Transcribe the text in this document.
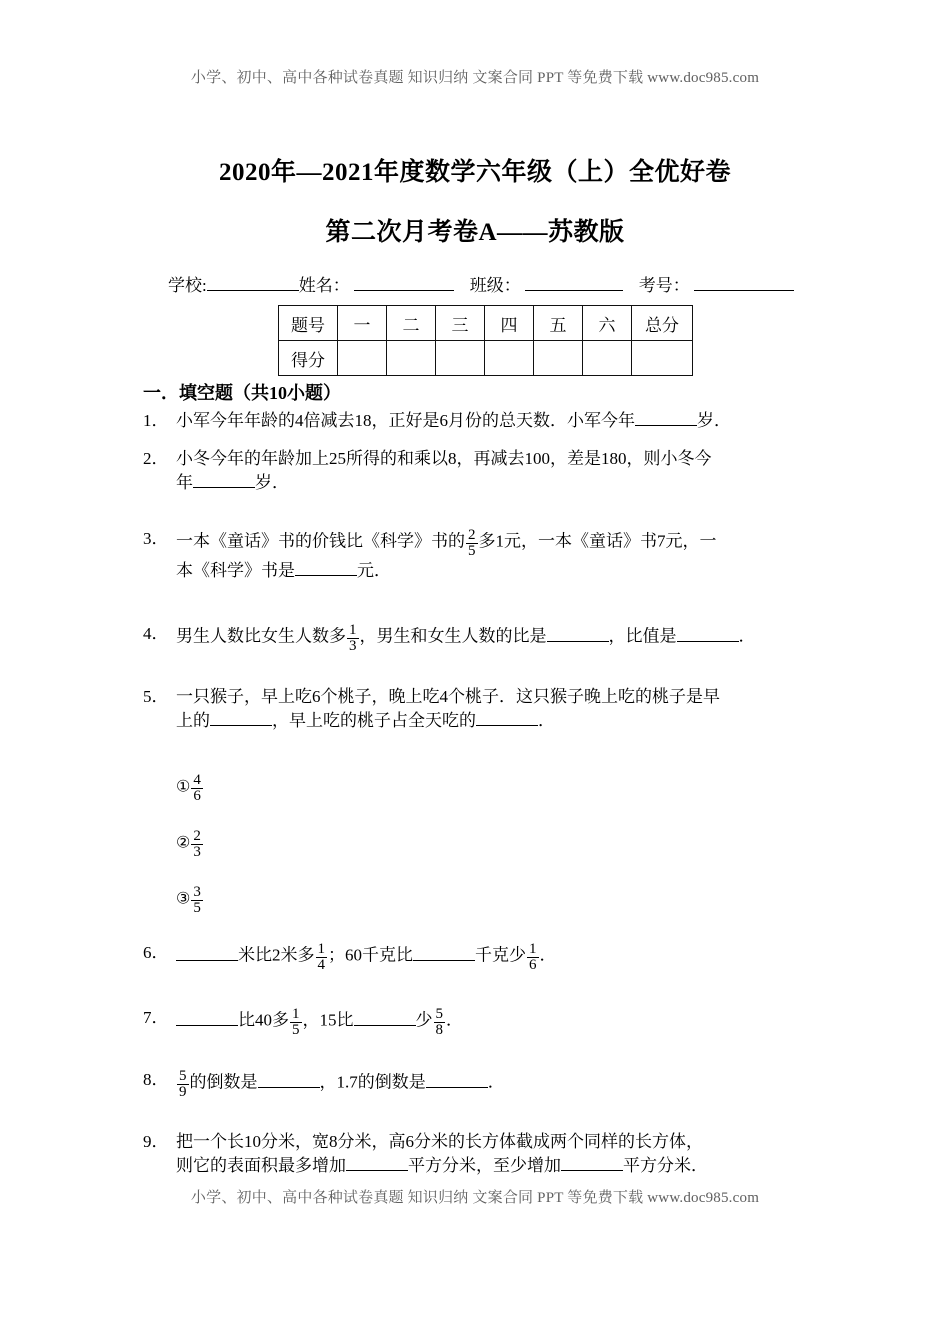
小学、初中、高中各种试卷真题 知识归纳 文案合同 PPT 等免费下载 www.doc985.com
2020年—2021年度数学六年级（上）全优好卷
第二次月考卷A——苏教版
学校:	姓名：	班级：	考号：
题号	一	二	三	四	五	六	总分
得分							
一．填空题（共10小题）
1． 小军今年年龄的4倍减去18，正好是6月份的总天数．小军今年	岁．
2． 小冬今年的年龄加上25所得的和乘以8，再减去100，差是180，则小冬今
年	岁．
3． 一本《童话》书的价钱比《科学》书的 $\frac{2}{5}$ 多1元，一本《童话》书7元，一
本《科学》书是	元．
4． 男生人数比女生人数多 $\frac{1}{3}$ ，男生和女生人数的比是	，比值是	．
5． 一只猴子，早上吃6个桃子，晚上吃4个桃子．这只猴子晚上吃的桃子是早
上的	，早上吃的桃子占全天吃的	．
6．	米比2米多 $\frac{1}{4}$ ；60千克比	千克少 $\frac{1}{6}$ ．
7．	比40多 $\frac{1}{5}$ ，15比	少 $\frac{5}{8}$ ．
8． $\frac{5}{9}$ 的倒数是	，1.7的倒数是	．
9． 把一个长10分米，宽8分米，高6分米的长方体截成两个同样的长方体，
则它的表面积最多增加	平方分米，至少增加	平方分米．
① $\frac{4}{6}$
② $\frac{2}{3}$
③ $\frac{3}{5}$
小学、初中、高中各种试卷真题 知识归纳 文案合同 PPT 等免费下载 www.doc985.com
